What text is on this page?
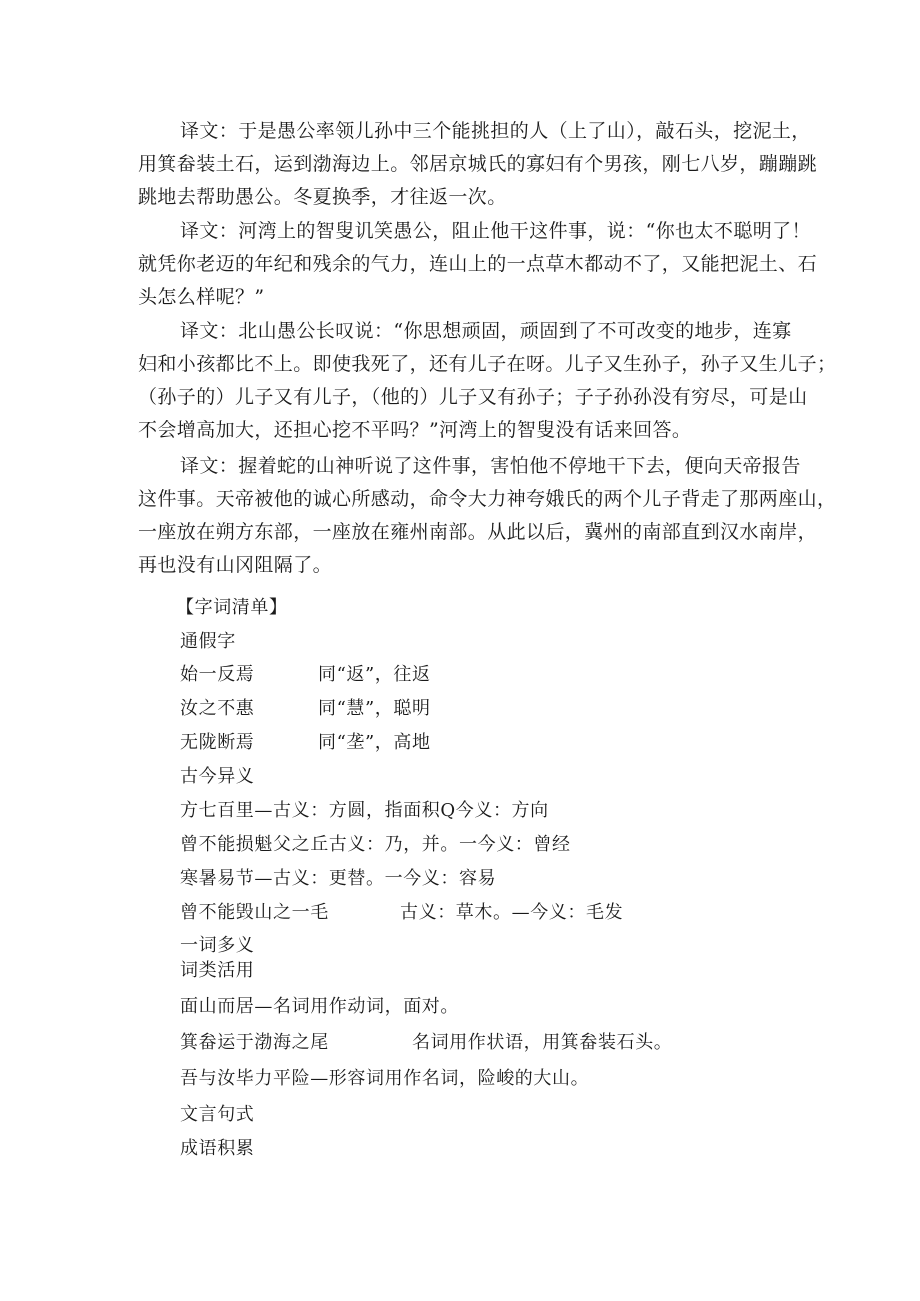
译文：于是愚公率领儿孙中三个能挑担的人（上了山），敲石头，挖泥土，
用箕畚装土石，运到渤海边上。邻居京城氏的寡妇有个男孩，刚七八岁，蹦蹦跳
跳地去帮助愚公。冬夏换季，才往返一次。

译文：河湾上的智叟讥笑愚公，阻止他干这件事，说：“你也太不聪明了！
就凭你老迈的年纪和残余的气力，连山上的一点草木都动不了，又能把泥土、石
头怎么样呢？”

译文：北山愚公长叹说：“你思想顽固，顽固到了不可改变的地步，连寡
妇和小孩都比不上。即使我死了，还有儿子在呀。儿子又生孙子，孙子又生儿子；
（孙子的）儿子又有儿子，（他的）儿子又有孙子；子子孙孙没有穷尽，可是山
不会增高加大，还担心挖不平吗？”河湾上的智叟没有话来回答。

译文：握着蛇的山神听说了这件事，害怕他不停地干下去，便向天帝报告
这件事。天帝被他的诚心所感动，命令大力神夸娥氏的两个儿子背走了那两座山，
一座放在朔方东部，一座放在雍州南部。从此以后，冀州的南部直到汉水南岸，
再也没有山冈阻隔了。

【字词清单】
通假字
始一反焉	同“返”，往返
汝之不惠	同“慧”，聪明
无陇断焉	同“垄”，高地
古今异义
方七百里—古义：方圆，指面积Q今义：方向
曾不能损魁父之丘古义：乃，并。一今义：曾经
寒暑易节—古义：更替。一今义：容易
曾不能毁山之一毛	古义：草木。—今义：毛发
一词多义
词类活用
面山而居—名词用作动词，面对。
箕畚运于渤海之尾	名词用作状语，用箕畚装石头。
吾与汝毕力平险—形容词用作名词，险峻的大山。
文言句式
成语积累
